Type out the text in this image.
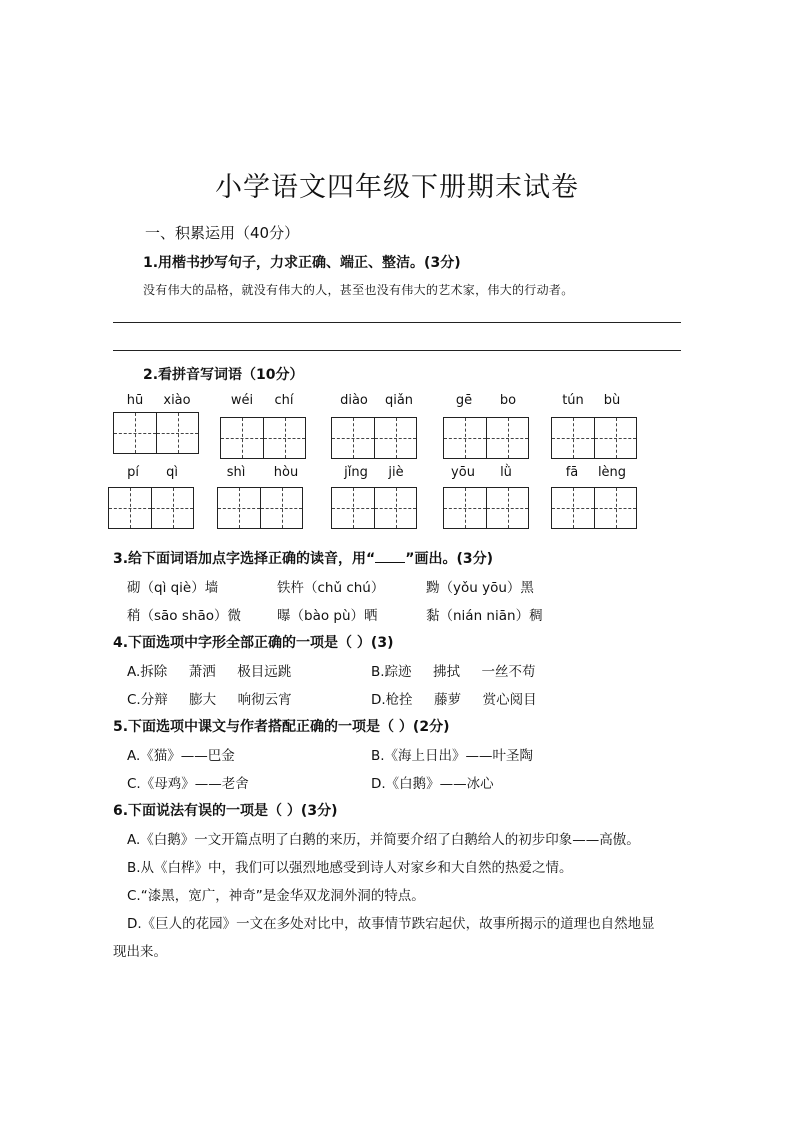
小学语文四年级下册期末试卷
一、积累运用（40分）
1.用楷书抄写句子，力求正确、端正、整洁。(3分)
没有伟大的品格，就没有伟大的人，甚至也没有伟大的艺术家，伟大的行动者。
2.看拼音写词语（10分）
hū	xiào	wéi	chí	diào	qiǎn	gē	bo	tún	bù
pí	qì	shì	hòu	jǐng	jiè	yōu	lǜ	fā	lèng
3.给下面词语加点字选择正确的读音，用“ ”画出。(3分)
砌（qì qiè）墙	铁杵（chǔ chú）	黝（yǒu yōu）黑
稍（sāo shāo）微	曝（bào pù）晒	黏（nián niān）稠
4.下面选项中字形全部正确的一项是（ ）(3)
A.拆除     萧洒     极目远跳	B.踪迹     拂拭     一丝不苟
C.分辩     膨大     响彻云宵	D.枪拴     藤萝     赏心阅目
5.下面选项中课文与作者搭配正确的一项是（ ）(2分)
A.《猫》——巴金	B.《海上日出》——叶圣陶
C.《母鸡》——老舍	D.《白鹅》——冰心
6.下面说法有误的一项是（ ）(3分)
A.《白鹅》一文开篇点明了白鹅的来历，并简要介绍了白鹅给人的初步印象——高傲。
B.从《白桦》中，我们可以强烈地感受到诗人对家乡和大自然的热爱之情。
C.“漆黑，宽广，神奇”是金华双龙洞外洞的特点。
D.《巨人的花园》一文在多处对比中，故事情节跌宕起伏，故事所揭示的道理也自然地显
现出来。
